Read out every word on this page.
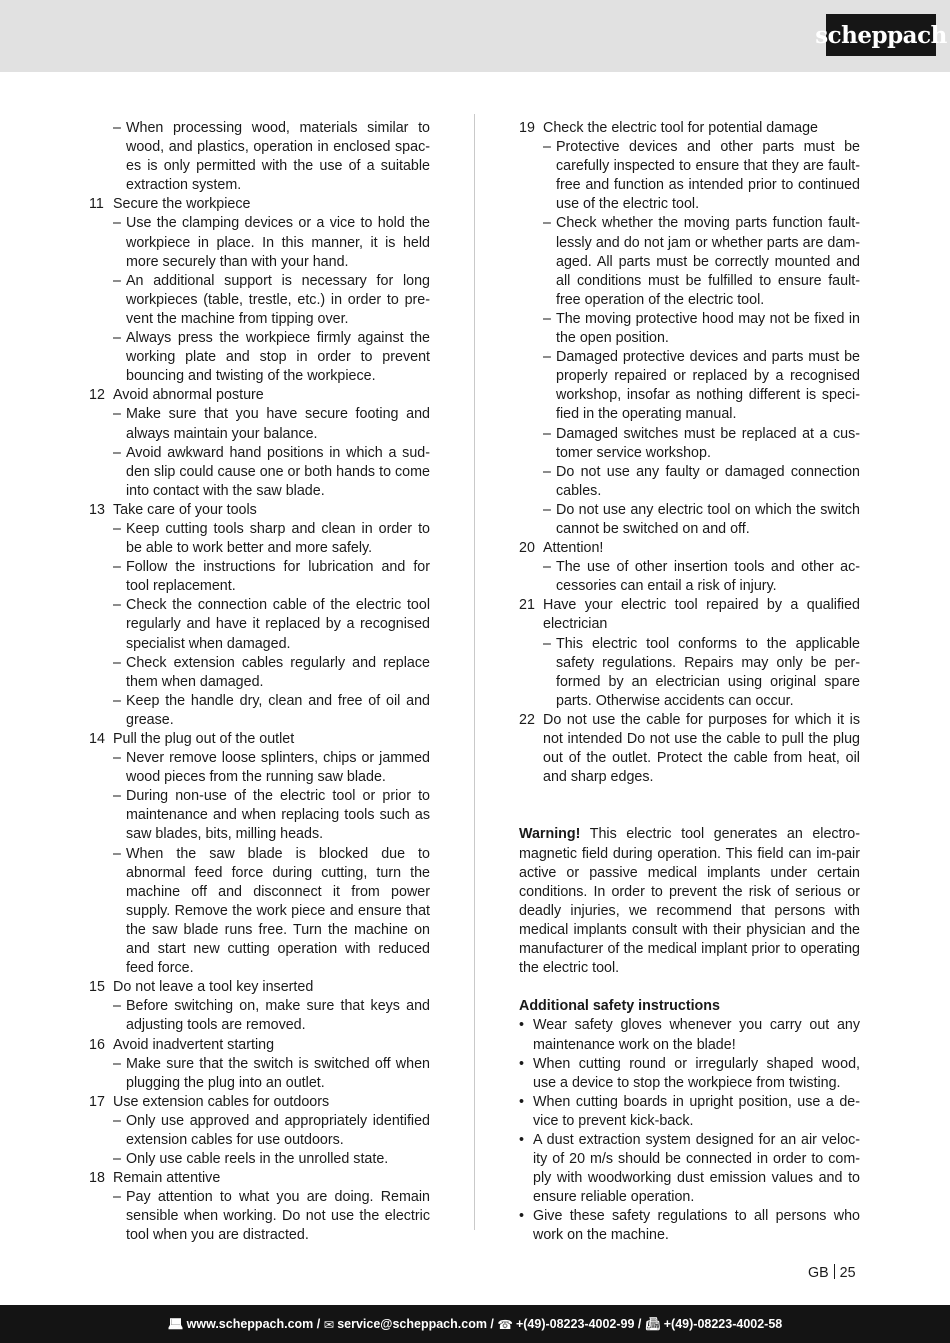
scheppach
– When processing wood, materials similar to wood, and plastics, operation in enclosed spac-es is only permitted with the use of a suitable extraction system.
11 Secure the workpiece
– Use the clamping devices or a vice to hold the workpiece in place. In this manner, it is held more securely than with your hand.
– An additional support is necessary for long workpieces (table, trestle, etc.) in order to pre-vent the machine from tipping over.
– Always press the workpiece firmly against the working plate and stop in order to prevent bouncing and twisting of the workpiece.
12 Avoid abnormal posture
– Make sure that you have secure footing and always maintain your balance.
– Avoid awkward hand positions in which a sud-den slip could cause one or both hands to come into contact with the saw blade.
13 Take care of your tools
– Keep cutting tools sharp and clean in order to be able to work better and more safely.
– Follow the instructions for lubrication and for tool replacement.
– Check the connection cable of the electric tool regularly and have it replaced by a recognised specialist when damaged.
– Check extension cables regularly and replace them when damaged.
– Keep the handle dry, clean and free of oil and grease.
14 Pull the plug out of the outlet
– Never remove loose splinters, chips or jammed wood pieces from the running saw blade.
– During non-use of the electric tool or prior to maintenance and when replacing tools such as saw blades, bits, milling heads.
– When the saw blade is blocked due to abnormal feed force during cutting, turn the machine off and disconnect it from power supply. Remove the work piece and ensure that the saw blade runs free. Turn the machine on and start new cutting operation with reduced feed force.
15 Do not leave a tool key inserted
– Before switching on, make sure that keys and adjusting tools are removed.
16 Avoid inadvertent starting
– Make sure that the switch is switched off when plugging the plug into an outlet.
17 Use extension cables for outdoors
– Only use approved and appropriately identified extension cables for use outdoors.
– Only use cable reels in the unrolled state.
18 Remain attentive
– Pay attention to what you are doing. Remain sensible when working. Do not use the electric tool when you are distracted.
19 Check the electric tool for potential damage
– Protective devices and other parts must be carefully inspected to ensure that they are fault-free and function as intended prior to continued use of the electric tool.
– Check whether the moving parts function fault-lessly and do not jam or whether parts are dam-aged. All parts must be correctly mounted and all conditions must be fulfilled to ensure fault-free operation of the electric tool.
– The moving protective hood may not be fixed in the open position.
– Damaged protective devices and parts must be properly repaired or replaced by a recognised workshop, insofar as nothing different is speci-fied in the operating manual.
– Damaged switches must be replaced at a cus-tomer service workshop.
– Do not use any faulty or damaged connection cables.
– Do not use any electric tool on which the switch cannot be switched on and off.
20 Attention!
– The use of other insertion tools and other ac-cessories can entail a risk of injury.
21 Have your electric tool repaired by a qualified electrician
– This electric tool conforms to the applicable safety regulations. Repairs may only be per-formed by an electrician using original spare parts. Otherwise accidents can occur.
22 Do not use the cable for purposes for which it is not intended Do not use the cable to pull the plug out of the outlet. Protect the cable from heat, oil and sharp edges.
Warning! This electric tool generates an electro-magnetic field during operation. This field can im-pair active or passive medical implants under certain conditions. In order to prevent the risk of serious or deadly injuries, we recommend that persons with medical implants consult with their physician and the manufacturer of the medical implant prior to operating the electric tool.
Additional safety instructions
• Wear safety gloves whenever you carry out any maintenance work on the blade!
• When cutting round or irregularly shaped wood, use a device to stop the workpiece from twisting.
• When cutting boards in upright position, use a de-vice to prevent kick-back.
• A dust extraction system designed for an air veloc-ity of 20 m/s should be connected in order to com-ply with woodworking dust emission values and to ensure reliable operation.
• Give these safety regulations to all persons who work on the machine.
GB 25
💻︎ www.scheppach.com / ✉︎ service@scheppach.com / ☎︎ +(49)-08223-4002-99 / 📠︎ +(49)-08223-4002-58
